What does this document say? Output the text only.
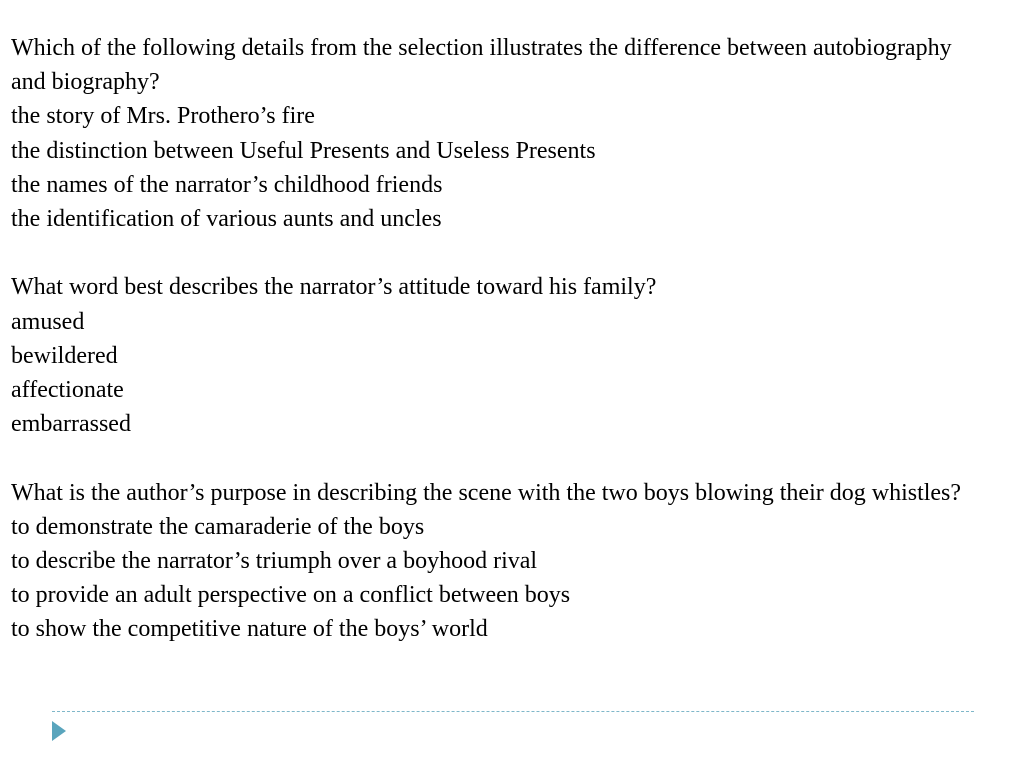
Which of the following details from the selection illustrates the difference between autobiography and biography?
the story of Mrs. Prothero’s fire
the distinction between Useful Presents and Useless Presents
the names of the narrator’s childhood friends
the identification of various aunts and uncles
What word best describes the narrator’s attitude toward his family?
amused
bewildered
affectionate
embarrassed
What is the author’s purpose in describing the scene with the two boys blowing their dog whistles?
to demonstrate the camaraderie of the boys
to describe the narrator’s triumph over a boyhood rival
to provide an adult perspective on a conflict between boys
to show the competitive nature of the boys’ world
